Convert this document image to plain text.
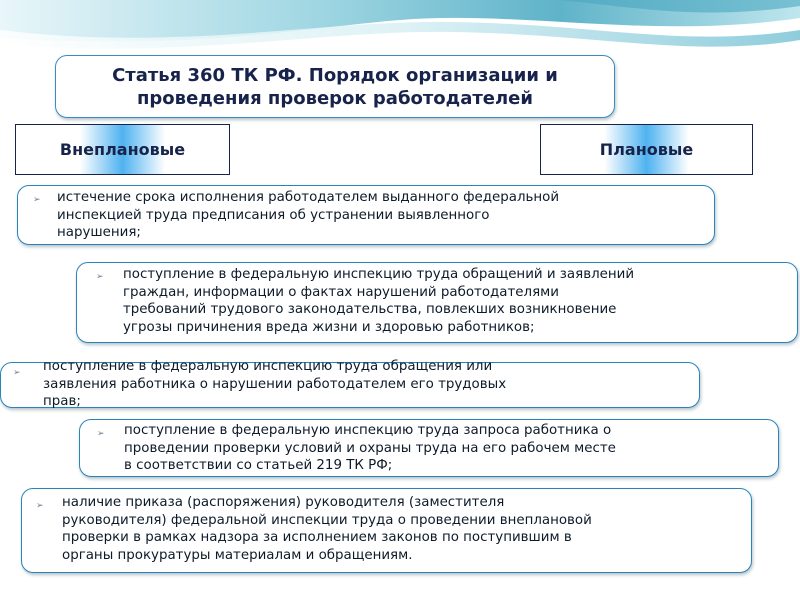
Статья 360 ТК РФ. Порядок организации и
проведения проверок работодателей
Внеплановые	Плановые
➢ истечение срока исполнения работодателем выданного федеральной
инспекцией труда предписания об устранении выявленного
нарушения;
➢ поступление в федеральную инспекцию труда обращений и заявлений
граждан, информации о фактах нарушений работодателями
требований трудового законодательства, повлекших возникновение
угрозы причинения вреда жизни и здоровью работников;
➢ поступление в федеральную инспекцию труда обращения или
заявления работника о нарушении работодателем его трудовых
прав;
➢ поступление в федеральную инспекцию труда запроса работника о
проведении проверки условий и охраны труда на его рабочем месте
в соответствии со статьей 219 ТК РФ;
➢ наличие приказа (распоряжения) руководителя (заместителя
руководителя) федеральной инспекции труда о проведении внеплановой
проверки в рамках надзора за исполнением законов по поступившим в
органы прокуратуры материалам и обращениям.
